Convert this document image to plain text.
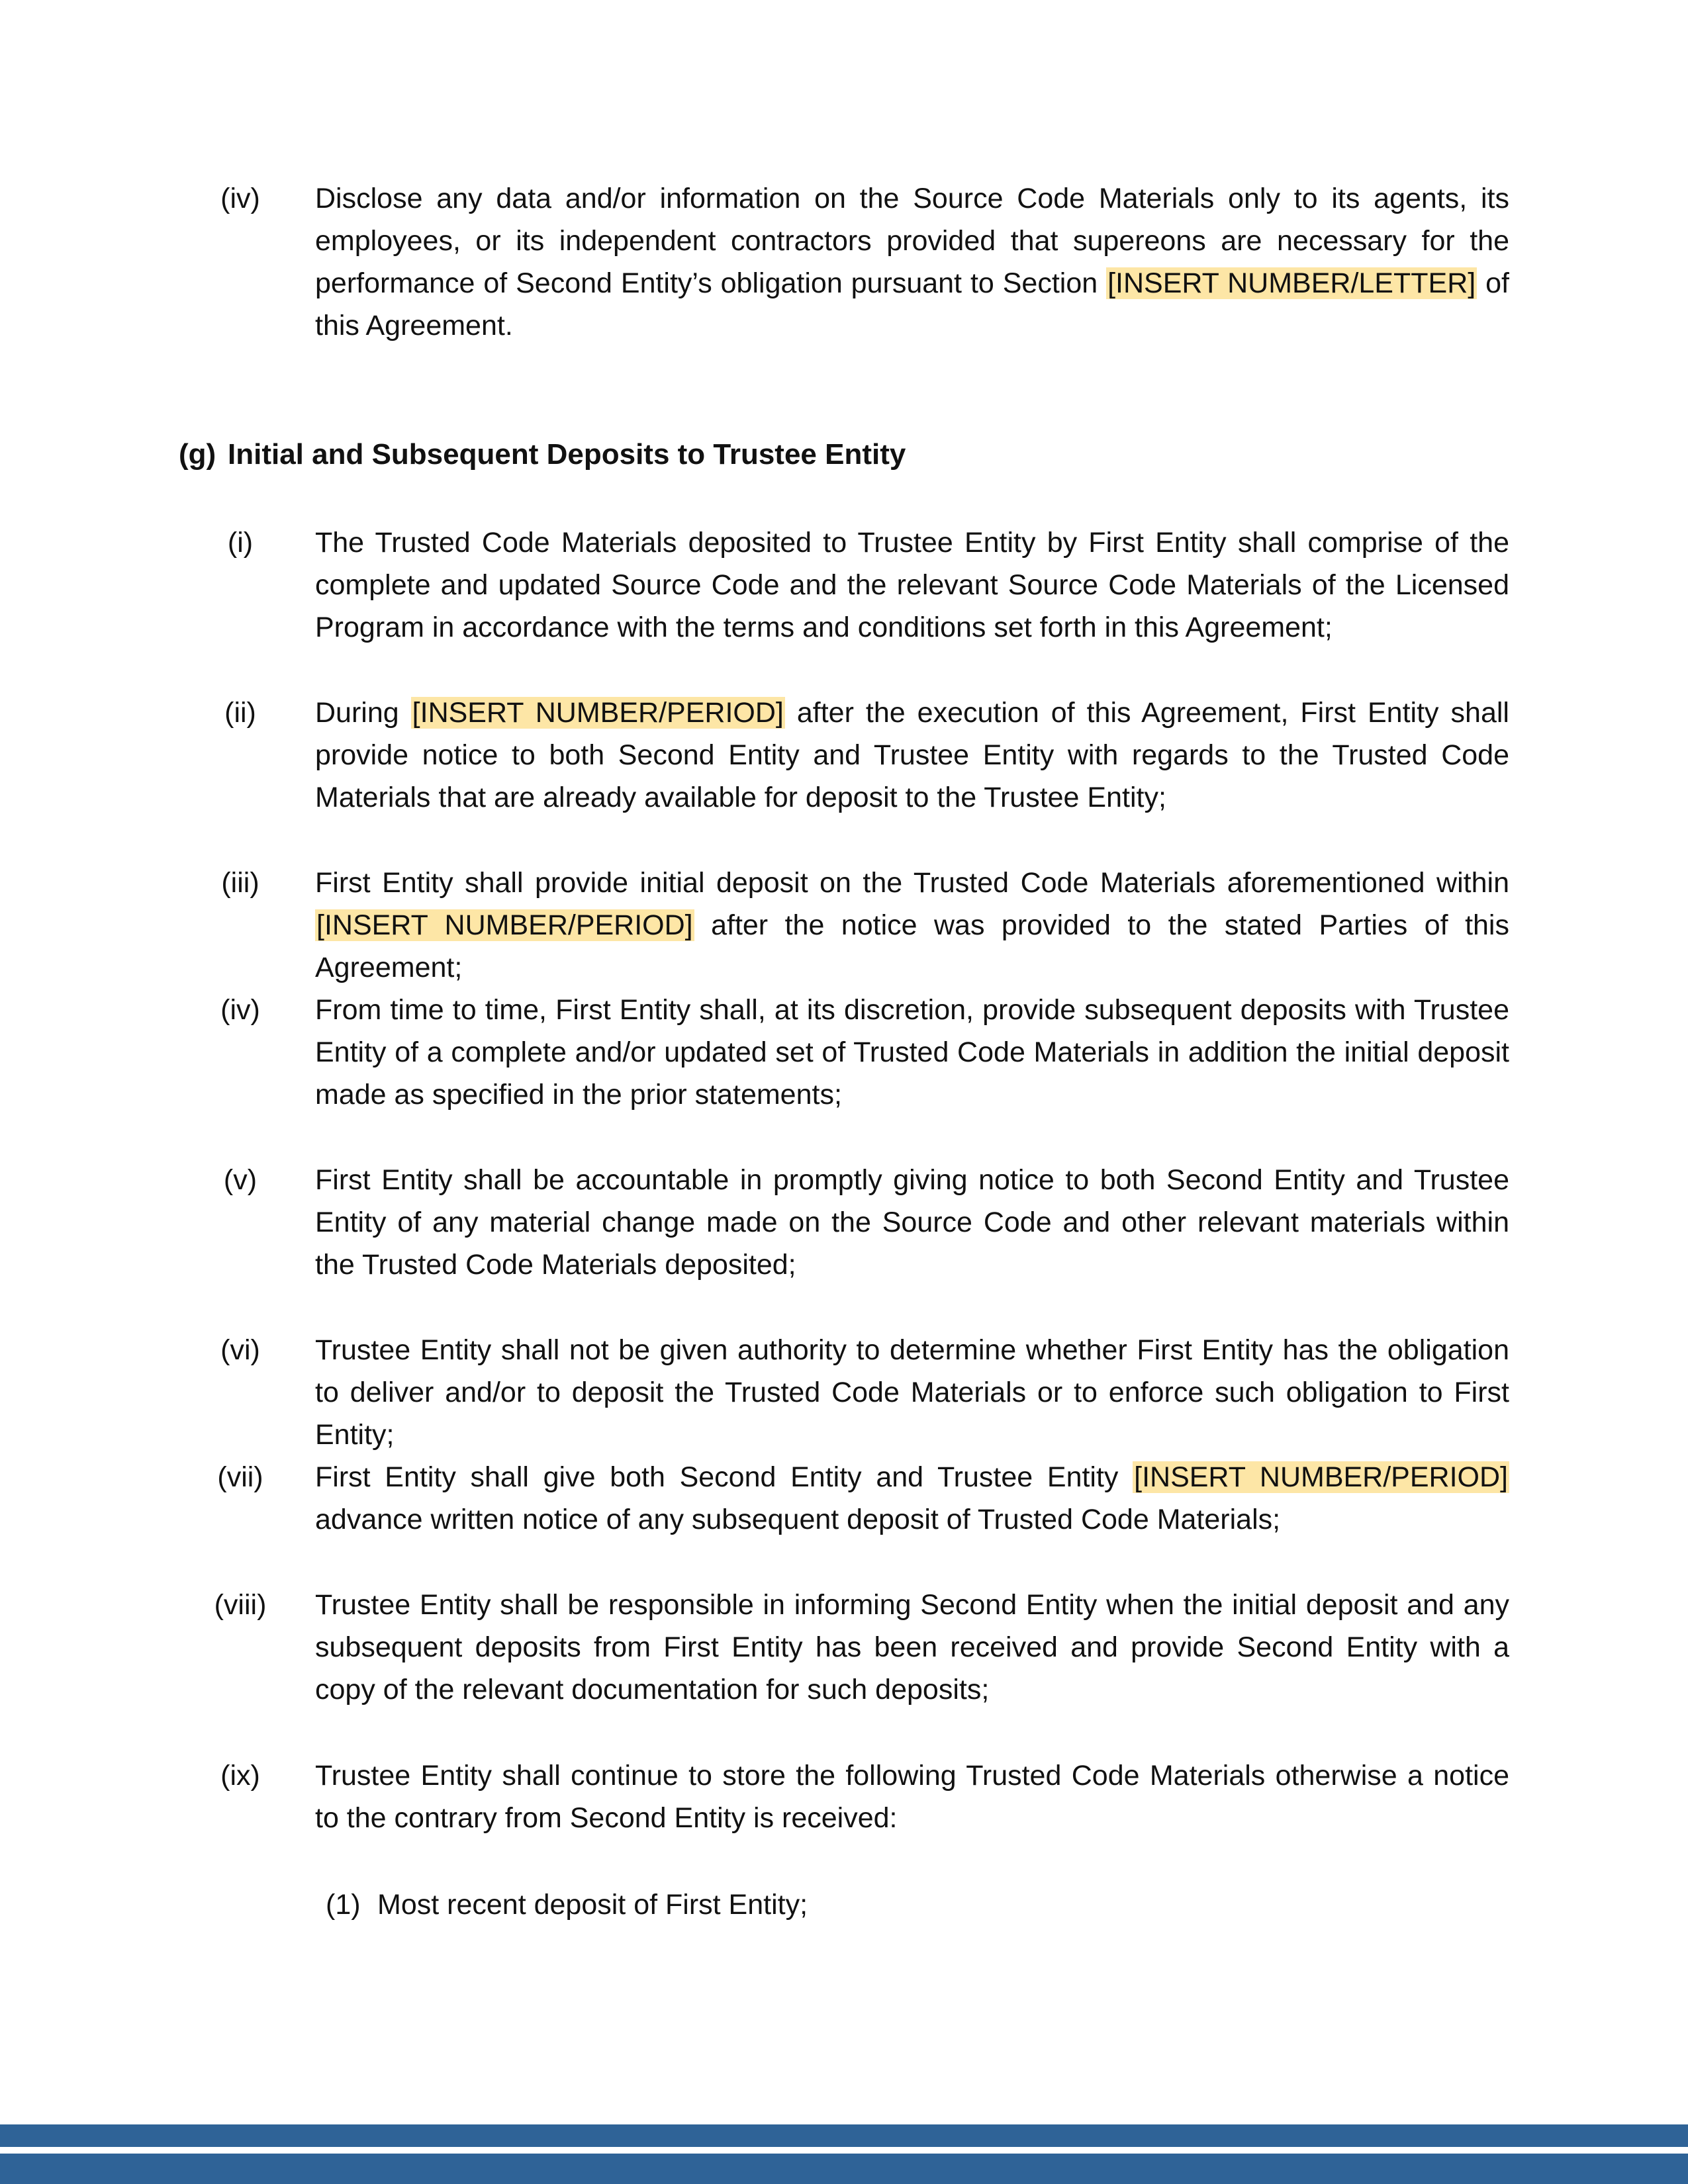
(iv)	Disclose any data and/or information on the Source Code Materials only to its agents, its employees, or its independent contractors provided that supereons are necessary for the performance of Second Entity’s obligation pursuant to Section [INSERT NUMBER/LETTER] of this Agreement.
(g) Initial and Subsequent Deposits to Trustee Entity
(i)	The Trusted Code Materials deposited to Trustee Entity by First Entity shall comprise of the complete and updated Source Code and the relevant Source Code Materials of the Licensed Program in accordance with the terms and conditions set forth in this Agreement;
(ii)	During [INSERT NUMBER/PERIOD] after the execution of this Agreement, First Entity shall provide notice to both Second Entity and Trustee Entity with regards to the Trusted Code Materials that are already available for deposit to the Trustee Entity;
(iii)	First Entity shall provide initial deposit on the Trusted Code Materials aforementioned within [INSERT NUMBER/PERIOD] after the notice was provided to the stated Parties of this Agreement;
(iv)	From time to time, First Entity shall, at its discretion, provide subsequent deposits with Trustee Entity of a complete and/or updated set of Trusted Code Materials in addition the initial deposit made as specified in the prior statements;
(v)	First Entity shall be accountable in promptly giving notice to both Second Entity and Trustee Entity of any material change made on the Source Code and other relevant materials within the Trusted Code Materials deposited;
(vi)	Trustee Entity shall not be given authority to determine whether First Entity has the obligation to deliver and/or to deposit the Trusted Code Materials or to enforce such obligation to First Entity;
(vii) First Entity shall give both Second Entity and Trustee Entity [INSERT NUMBER/PERIOD] advance written notice of any subsequent deposit of Trusted Code Materials;
(viii) Trustee Entity shall be responsible in informing Second Entity when the initial deposit and any subsequent deposits from First Entity has been received and provide Second Entity with a copy of the relevant documentation for such deposits;
(ix)	Trustee Entity shall continue to store the following Trusted Code Materials otherwise a notice to the contrary from Second Entity is received:
(1) Most recent deposit of First Entity;
